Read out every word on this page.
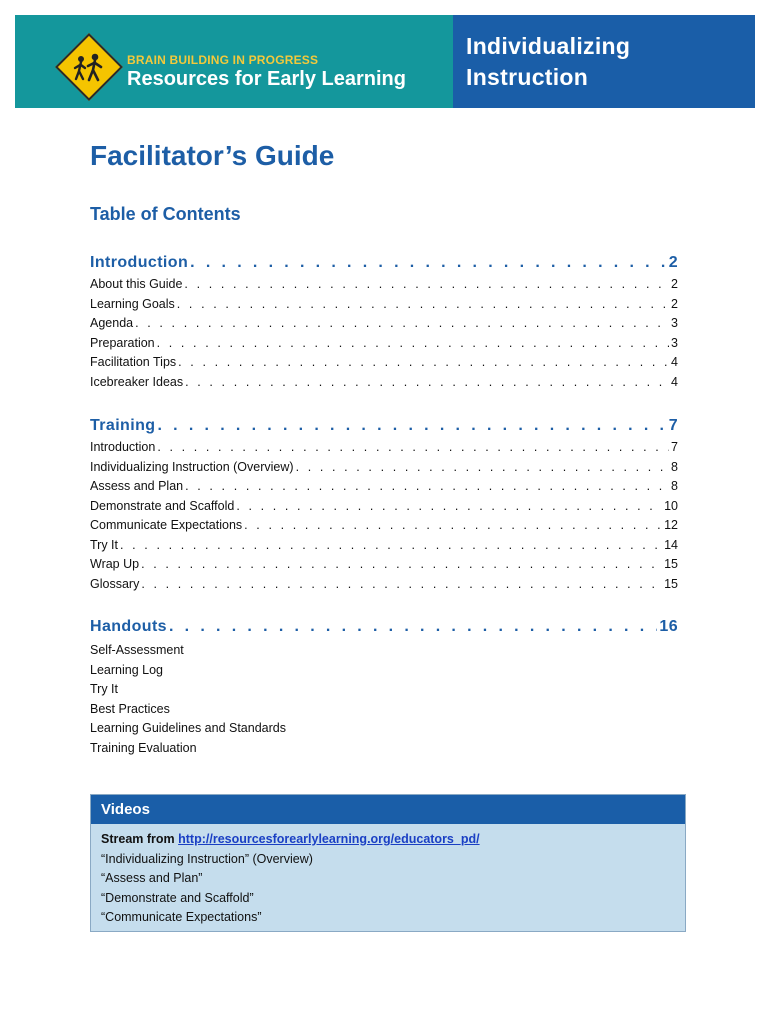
BRAIN BUILDING IN PROGRESS
Resources for Early Learning
Individualizing
Instruction
Facilitator’s Guide
Table of Contents
Introduction . . .	2
About this Guide . . .	2
Learning Goals . . .	2
Agenda . . .	3
Preparation . . .	3
Facilitation Tips . . .	4
Icebreaker Ideas . . .	4
Training . . .	7
Introduction . . .	7
Individualizing Instruction (Overview) . . .	8
Assess and Plan . . .	8
Demonstrate and Scaffold . . .	10
Communicate Expectations . . .	12
Try It . . .	14
Wrap Up . . .	15
Glossary . . .	15
Handouts . . .	16
Self-Assessment
Learning Log
Try It
Best Practices
Learning Guidelines and Standards
Training Evaluation
Videos
Stream from http://resourcesforearlylearning.org/educators_pd/
“Individualizing Instruction” (Overview)
“Assess and Plan”
“Demonstrate and Scaffold”
“Communicate Expectations”
